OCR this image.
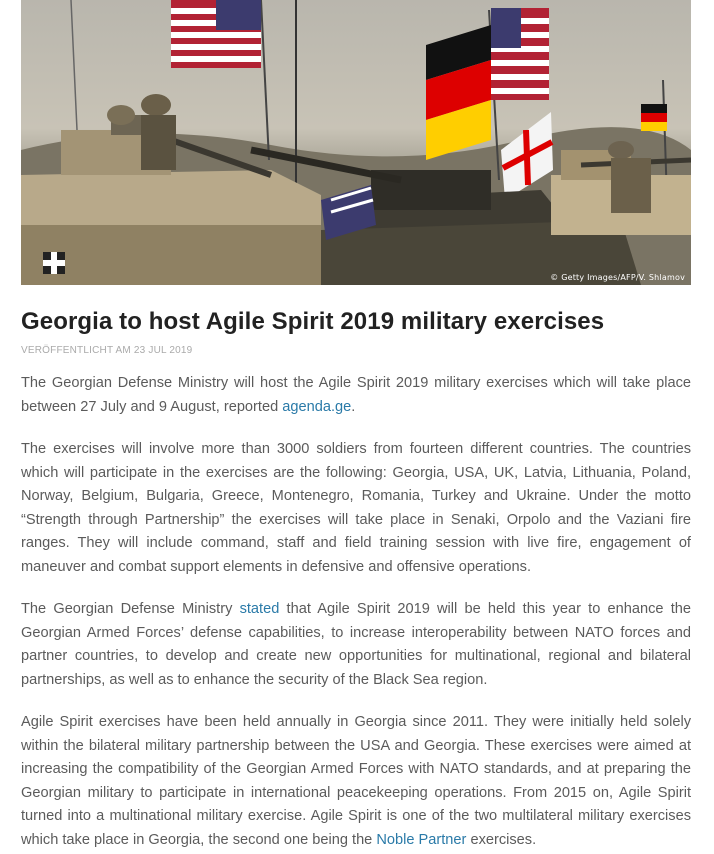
© Getty Images/AFP/V. Shlamov
Georgia to host Agile Spirit 2019 military exercises
VERÖFFENTLICHT AM 23 JUL 2019

The Georgian Defense Ministry will host the Agile Spirit 2019 military exercises which will take place between 27 July and 9 August, reported agenda.ge.

The exercises will involve more than 3000 soldiers from fourteen different countries. The countries which will participate in the exercises are the following: Georgia, USA, UK, Latvia, Lithuania, Poland, Norway, Belgium, Bulgaria, Greece, Montenegro, Romania, Turkey and Ukraine. Under the motto “Strength through Partnership” the exercises will take place in Senaki, Orpolo and the Vaziani fire ranges. They will include command, staff and field training session with live fire, engagement of maneuver and combat support elements in defensive and offensive operations.

The Georgian Defense Ministry stated that Agile Spirit 2019 will be held this year to enhance the Georgian Armed Forces’ defense capabilities, to increase interoperability between NATO forces and partner countries, to develop and create new opportunities for multinational, regional and bilateral partnerships, as well as to enhance the security of the Black Sea region.

Agile Spirit exercises have been held annually in Georgia since 2011. They were initially held solely within the bilateral military partnership between the USA and Georgia. These exercises were aimed at increasing the compatibility of the Georgian Armed Forces with NATO standards, and at preparing the Georgian military to participate in international peacekeeping operations. From 2015 on, Agile Spirit turned into a multinational military exercise. Agile Spirit is one of the two multilateral military exercises which take place in Georgia, the second one being the Noble Partner exercises.
